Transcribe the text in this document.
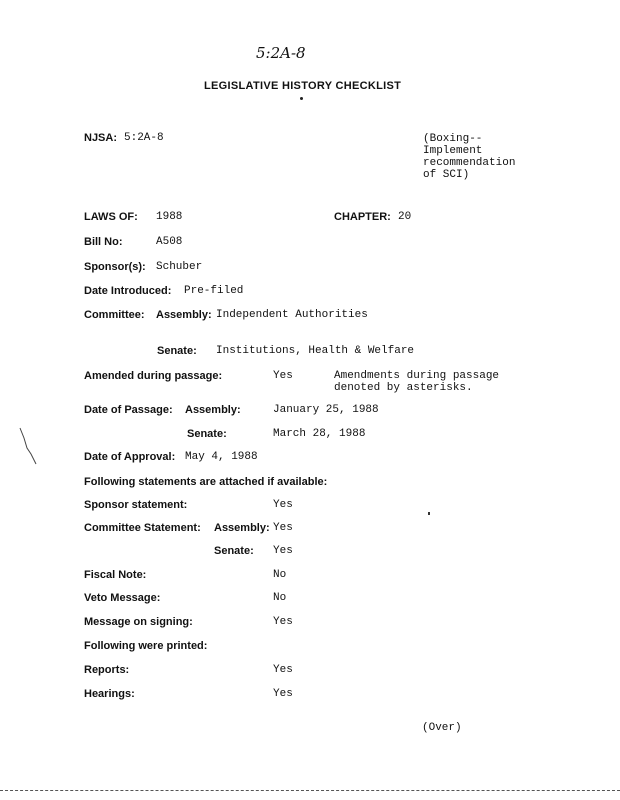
5:2A-8
LEGISLATIVE HISTORY CHECKLIST
NJSA: 5:2A-8	(Boxing--
Implement
recommendation
of SCI)
LAWS OF: 1988	CHAPTER: 20
Bill No:	A508
Sponsor(s): Schuber
Date Introduced: Pre-filed
Committee: Assembly: Independent Authorities
Senate: Institutions, Health & Welfare
Amended during passage:	Yes	Amendments during passage
denoted by asterisks.
Date of Passage: Assembly:	January 25, 1988
Senate:	March 28, 1988
Date of Approval: May 4, 1988
Following statements are attached if available:
Sponsor statement:	Yes
Committee Statement: Assembly: Yes
Senate: Yes
Fiscal Note:	No
Veto Message:	No
Message on signing:	Yes
Following were printed:
Reports:	Yes
Hearings:	Yes
(Over)
